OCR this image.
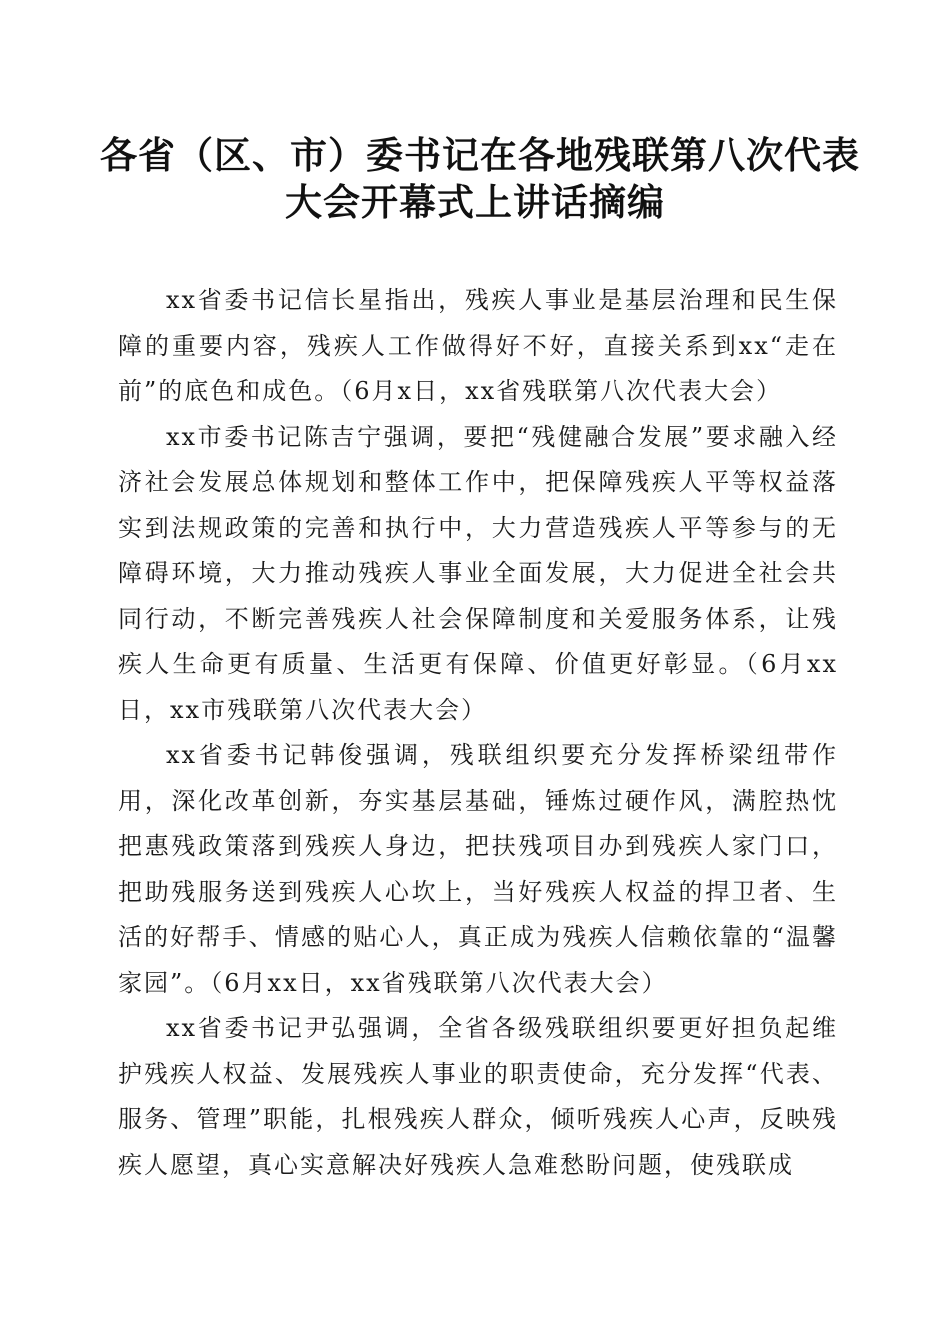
各省（区、市）委书记在各地残联第八次代表
大会开幕式上讲话摘编

xx省委书记信长星指出，残疾人事业是基层治理和民生保障的重要内容，残疾人工作做得好不好，直接关系到xx“走在前”的底色和成色。（6月x日，xx省残联第八次代表大会）

xx市委书记陈吉宁强调，要把“残健融合发展”要求融入经济社会发展总体规划和整体工作中，把保障残疾人平等权益落实到法规政策的完善和执行中，大力营造残疾人平等参与的无障碍环境，大力推动残疾人事业全面发展，大力促进全社会共同行动，不断完善残疾人社会保障制度和关爱服务体系，让残疾人生命更有质量、生活更有保障、价值更好彰显。（6月xx日，xx市残联第八次代表大会）

xx省委书记韩俊强调，残联组织要充分发挥桥梁纽带作用，深化改革创新，夯实基层基础，锤炼过硬作风，满腔热忱把惠残政策落到残疾人身边，把扶残项目办到残疾人家门口，把助残服务送到残疾人心坎上，当好残疾人权益的捍卫者、生活的好帮手、情感的贴心人，真正成为残疾人信赖依靠的“温馨家园”。（6月xx日，xx省残联第八次代表大会）

xx省委书记尹弘强调，全省各级残联组织要更好担负起维护残疾人权益、发展残疾人事业的职责使命，充分发挥“代表、服务、管理”职能，扎根残疾人群众，倾听残疾人心声，反映残疾人愿望，真心实意解决好残疾人急难愁盼问题，使残联成
